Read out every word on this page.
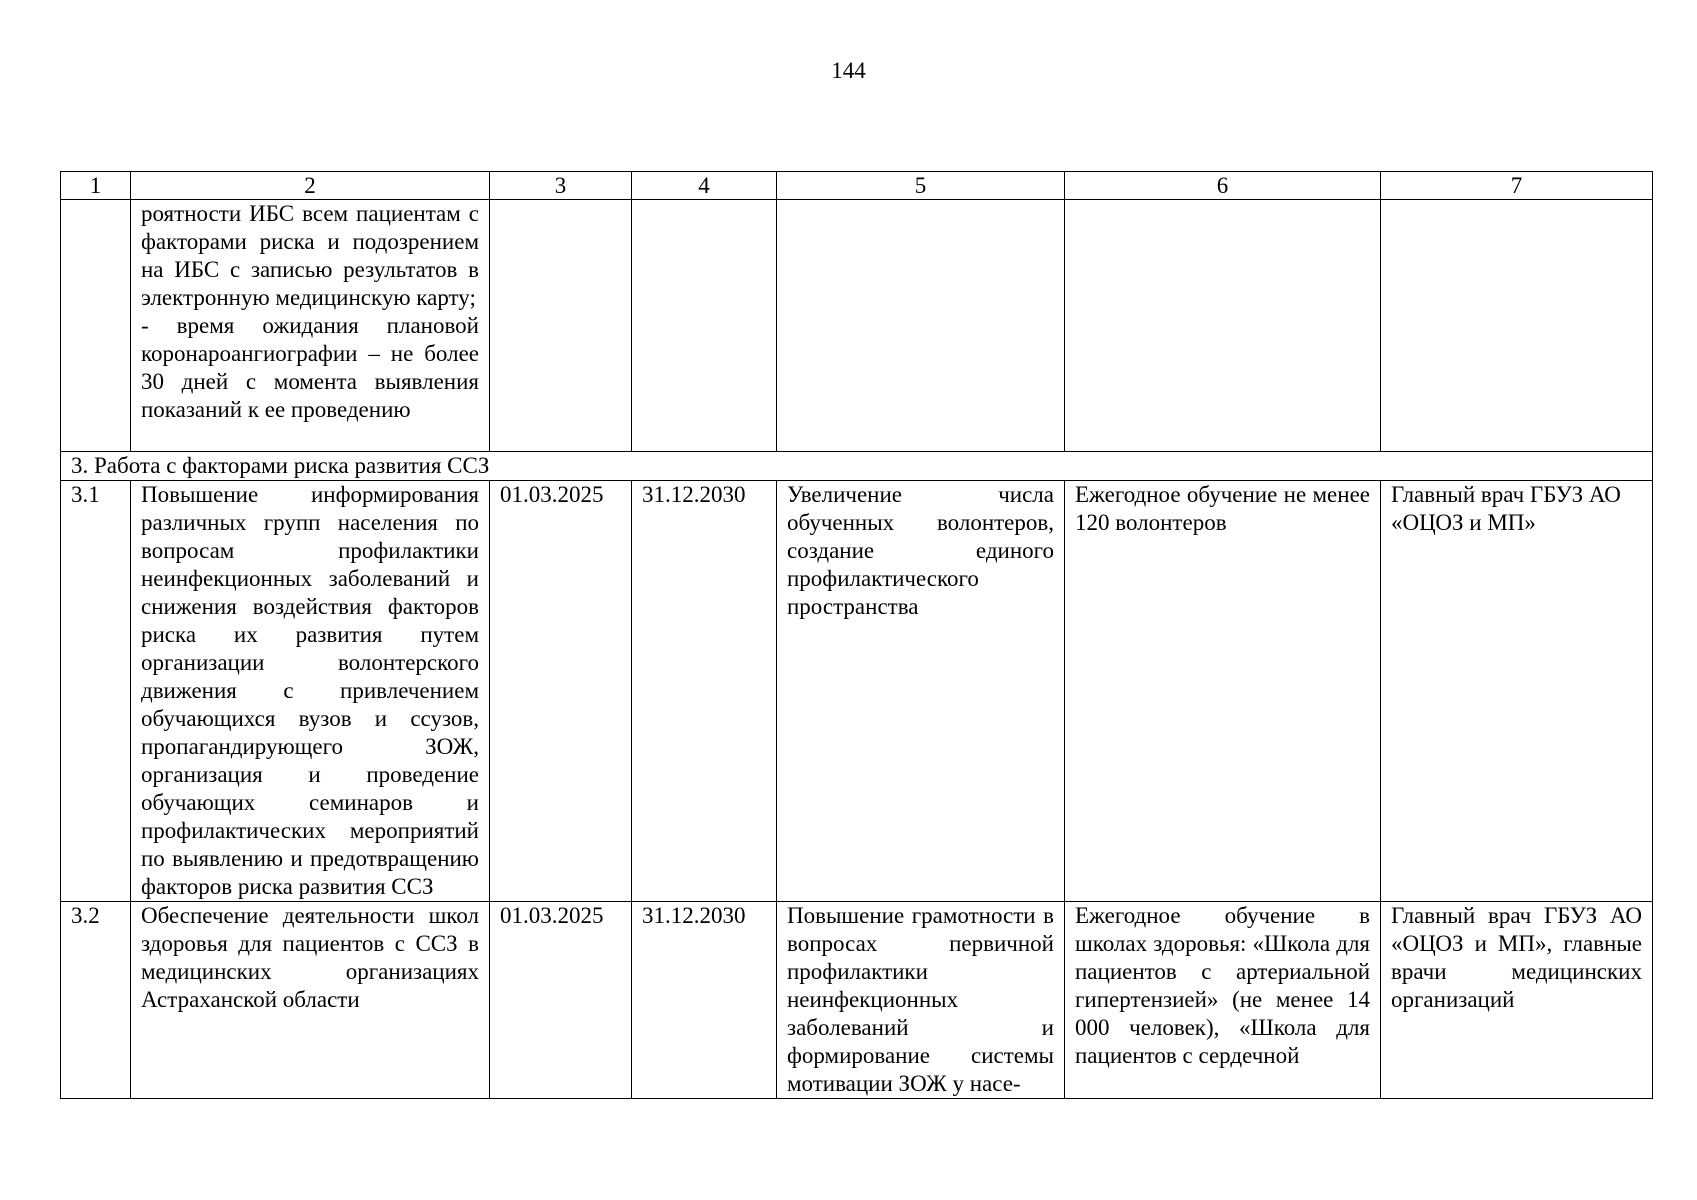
144
1	2	3	4	5	6	7

	роятности ИБС всем пациентам с факторами риска и подозрением на ИБС с записью результатов в электронную медицинскую карту;
- время ожидания плановой коронароангиографии – не более 30 дней с момента выявления показаний к ее проведению					

3. Работа с факторами риска развития ССЗ						
3.1	Повышение информирования различных групп населения по вопросам профилактики неинфекционных заболеваний и снижения воздействия факторов риска их развития путем организации волонтерского движения с привлечением обучающихся вузов и ссузов, пропагандирующего ЗОЖ, организация и проведение обучающих семинаров и профилактических мероприятий по выявлению и предотвращению факторов риска развития ССЗ	01.03.2025	31.12.2030	Увеличение числа обученных волонтеров, создание единого профилактического пространства	Ежегодное обучение не менее 120 волонтеров	Главный врач ГБУЗ АО «ОЦОЗ и МП»
3.2	Обеспечение деятельности школ здоровья для пациентов с ССЗ в медицинских организациях Астраханской области	01.03.2025	31.12.2030	Повышение грамотности в вопросах первичной профилактики неинфекционных заболеваний и формирование системы мотивации ЗОЖ у насе-	Ежегодное обучение в школах здоровья: «Школа для пациентов с артериальной гипертензией» (не менее 14 000 человек), «Школа для пациентов с сердечной	Главный врач ГБУЗ АО «ОЦОЗ и МП», главные врачи медицинских организаций
